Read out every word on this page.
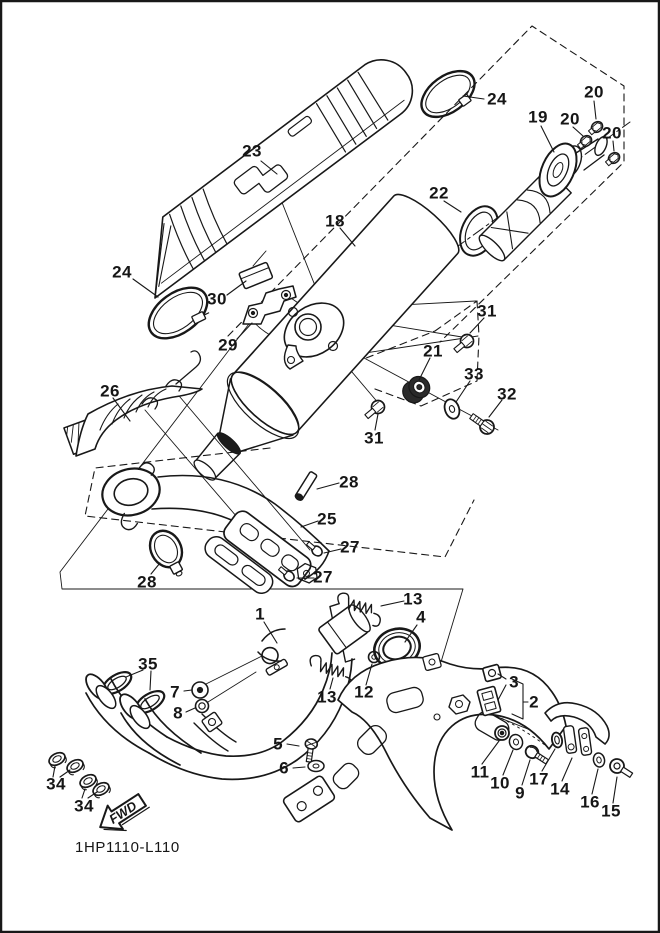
FWD
1HP1110-L110
23
24
24	20
19 20
20
22
18
30
29
26
31
21
33
32
31
28
25
27
27
28
1
13
4
35
7
8
13 12
3
2
5
6	11
10
9
17
14
16 15
34
34
